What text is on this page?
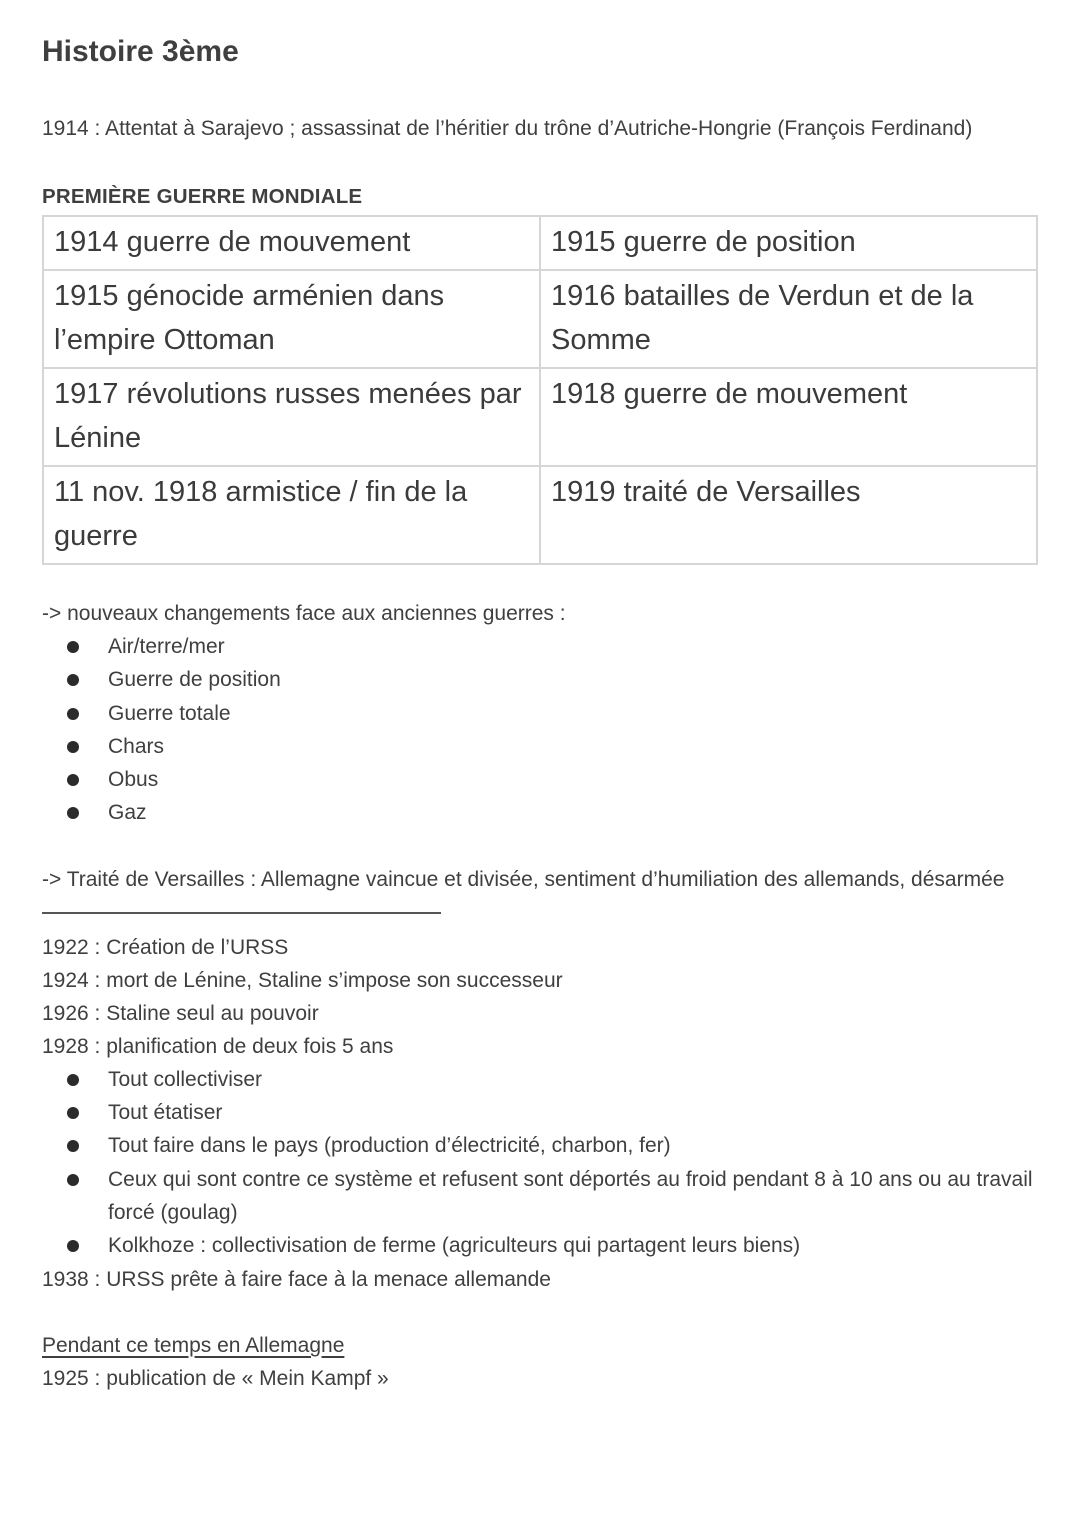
Histoire 3ème

1914 : Attentat à Sarajevo ; assassinat de l’héritier du trône d’Autriche-Hongrie (François Ferdinand)

PREMIÈRE GUERRE MONDIALE
1914 guerre de mouvement	1915 guerre de position
1915 génocide arménien dans l’empire Ottoman	1916 batailles de Verdun et de la Somme
1917 révolutions russes menées par Lénine	1918 guerre de mouvement
11 nov. 1918 armistice / fin de la guerre	1919 traité de Versailles

-> nouveaux changements face aux anciennes guerres :

Air/terre/mer
Guerre de position
Guerre totale
Chars
Obus
Gaz

-> Traité de Versailles : Allemagne vaincue et divisée, sentiment d’humiliation des allemands, désarmée

1922 : Création de l’URSS

1924 : mort de Lénine, Staline s’impose son successeur

1926 : Staline seul au pouvoir

1928 : planification de deux fois 5 ans

Tout collectiviser
Tout étatiser
Tout faire dans le pays (production d’électricité, charbon, fer)
Ceux qui sont contre ce système et refusent sont déportés au froid pendant 8 à 10 ans ou au travail forcé (goulag)
Kolkhoze : collectivisation de ferme (agriculteurs qui partagent leurs biens)

1938 : URSS prête à faire face à la menace allemande

Pendant ce temps en Allemagne

1925 : publication de « Mein Kampf »
